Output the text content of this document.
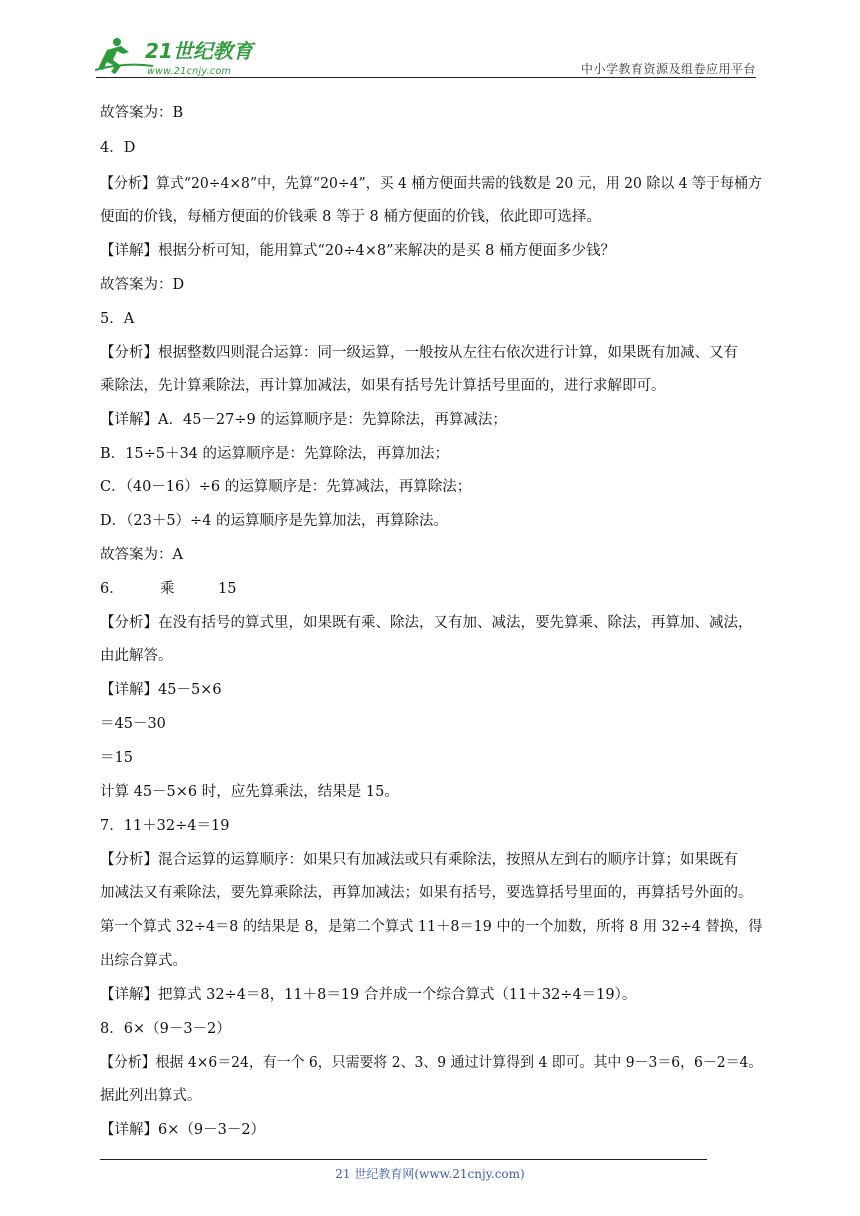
21世纪教育
www.21cnjy.com	中小学教育资源及组卷应用平台
故答案为：B
4．D
【分析】算式“20÷4×8”中，先算“20÷4”，买 4 桶方便面共需的钱数是 20 元，用 20 除以 4 等于每桶方
便面的价钱，每桶方便面的价钱乘 8 等于 8 桶方便面的价钱，依此即可选择。
【详解】根据分析可知，能用算式“20÷4×8”来解决的是买 8 桶方便面多少钱？
故答案为：D
5．A
【分析】根据整数四则混合运算：同一级运算，一般按从左往右依次进行计算，如果既有加减、又有
乘除法，先计算乘除法，再计算加减法，如果有括号先计算括号里面的，进行求解即可。
【详解】A．45－27÷9 的运算顺序是：先算除法，再算减法；
B．15÷5＋34 的运算顺序是：先算除法，再算加法；
C．（40－16）÷6 的运算顺序是：先算减法，再算除法；
D．（23＋5）÷4 的运算顺序是先算加法，再算除法。
故答案为：A
6．　　　乘　　　15
【分析】在没有括号的算式里，如果既有乘、除法，又有加、减法，要先算乘、除法，再算加、减法，
由此解答。
【详解】45－5×6
＝45－30
＝15
计算 45－5×6 时，应先算乘法，结果是 15。
7．11＋32÷4＝19
【分析】混合运算的运算顺序：如果只有加减法或只有乘除法，按照从左到右的顺序计算；如果既有
加减法又有乘除法，要先算乘除法，再算加减法；如果有括号，要选算括号里面的，再算括号外面的。
第一个算式 32÷4＝8 的结果是 8，是第二个算式 11＋8＝19 中的一个加数，所将 8 用 32÷4 替换，得
出综合算式。
【详解】把算式 32÷4＝8，11＋8＝19 合并成一个综合算式（11＋32÷4＝19）。
8．6×（9－3－2）
【分析】根据 4×6＝24，有一个 6，只需要将 2、3、9 通过计算得到 4 即可。其中 9－3＝6，6－2＝4。
据此列出算式。
【详解】6×（9－3－2）
21 世纪教育网(www.21cnjy.com)
